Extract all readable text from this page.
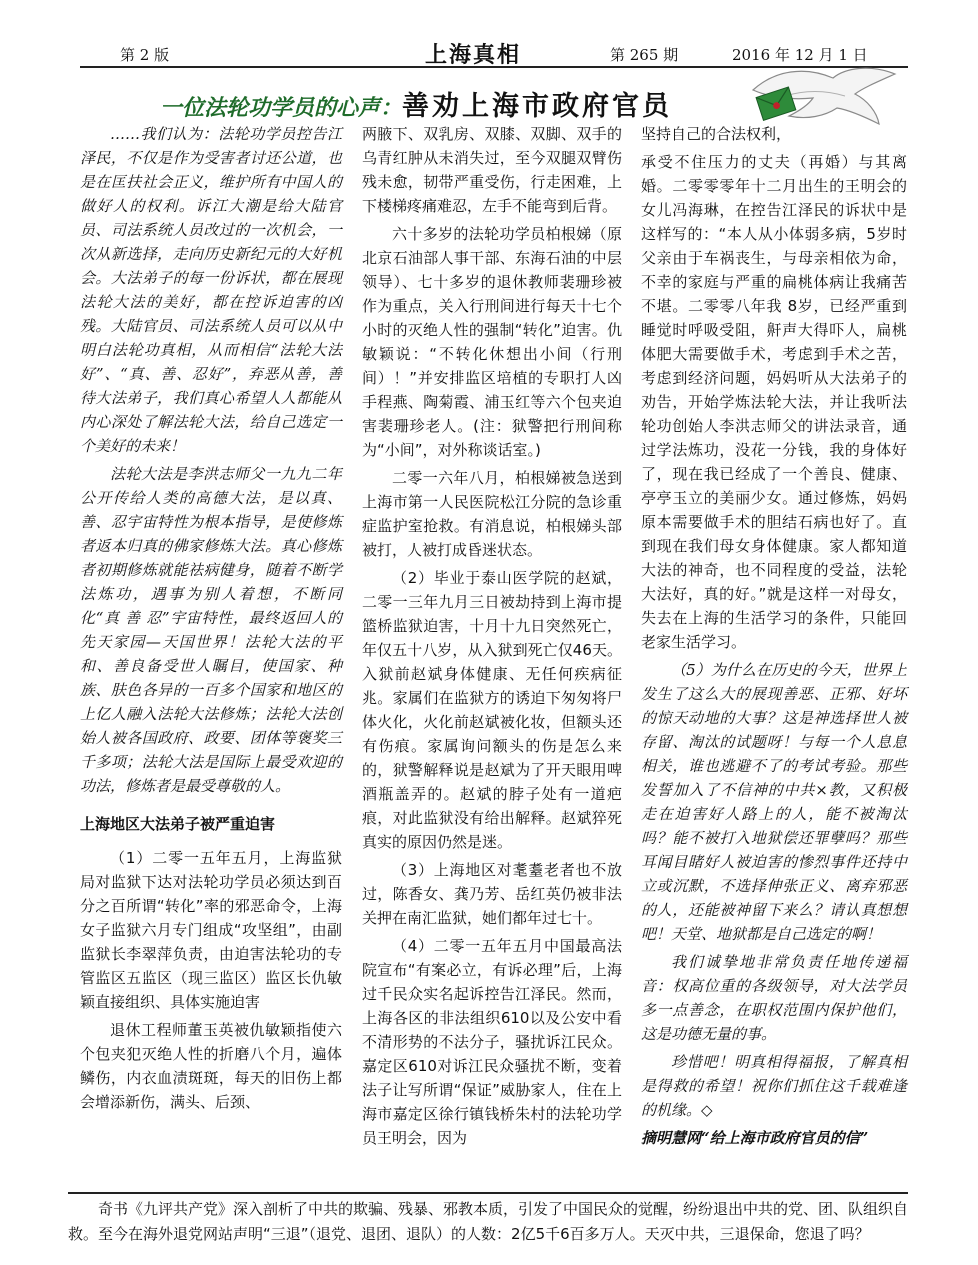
第 2 版	上海真相	第 265 期	2016 年 12 月 1 日
一位法轮功学员的心声：善劝上海市政府官员

……我们认为：法轮功学员控告江泽民，不仅是作为受害者讨还公道，也是在匡扶社会正义，维护所有中国人的做好人的权利。诉江大潮是给大陆官员、司法系统人员改过的一次机会，一次从新选择，走向历史新纪元的大好机会。大法弟子的每一份诉状，都在展现法轮大法的美好，都在控诉迫害的凶残。大陆官员、司法系统人员可以从中明白法轮功真相，从而相信“法轮大法好”、“真、善、忍好”，弃恶从善，善待大法弟子，我们真心希望人人都能从内心深处了解法轮大法，给自己选定一个美好的未来！

法轮大法是李洪志师父一九九二年公开传给人类的高德大法，是以真、善、忍宇宙特性为根本指导，是使修炼者返本归真的佛家修炼大法。真心修炼者初期修炼就能祛病健身，随着不断学法炼功，遇事为别人着想，不断同化“真 善 忍”宇宙特性，最终返回人的先天家园—天国世界！法轮大法的平和、善良备受世人瞩目，使国家、种族、肤色各异的一百多个国家和地区的上亿人融入法轮大法修炼；法轮大法创始人被各国政府、政要、团体等褒奖三千多项；法轮大法是国际上最受欢迎的功法，修炼者是最受尊敬的人。

上海地区大法弟子被严重迫害

（1）二零一五年五月，上海监狱局对监狱下达对法轮功学员必须达到百分之百所谓“转化”率的邪恶命令，上海女子监狱六月专门组成“攻坚组”，由副监狱长李翠萍负责，由迫害法轮功的专管监区五监区（现三监区）监区长仇敏颖直接组织、具体实施迫害

退休工程师董玉英被仇敏颖指使六个包夹犯灭绝人性的折磨八个月，遍体鳞伤，内衣血渍斑斑，每天的旧伤上都会增添新伤，满头、后颈、

两腋下、双乳房、双膝、双脚、双手的乌青红肿从未消失过，至今双腿双臂伤残未愈，韧带严重受伤，行走困难，上下楼梯疼痛难忍，左手不能弯到后背。

六十多岁的法轮功学员柏根娣（原北京石油部人事干部、东海石油的中层领导）、七十多岁的退休教师裴珊珍被作为重点，关入行刑间进行每天十七个小时的灭绝人性的强制“转化”迫害。仇敏颖说：“不转化休想出小间（行刑间）！”并安排监区培植的专职打人凶手程燕、陶菊霞、浦玉红等六个包夹迫害裴珊珍老人。(注：狱警把行刑间称为“小间”，对外称谈话室。)

二零一六年八月，柏根娣被急送到上海市第一人民医院松江分院的急诊重症监护室抢救。有消息说，柏根娣头部被打，人被打成昏迷状态。

（2）毕业于泰山医学院的赵斌，二零一三年九月三日被劫持到上海市提篮桥监狱迫害，十月十九日突然死亡，年仅五十八岁，从入狱到死亡仅46天。入狱前赵斌身体健康、无任何疾病征兆。家属们在监狱方的诱迫下匆匆将尸体火化，火化前赵斌被化妆，但额头还有伤痕。家属询问额头的伤是怎么来的，狱警解释说是赵斌为了开天眼用啤酒瓶盖弄的。赵斌的脖子处有一道疤痕，对此监狱没有给出解释。赵斌猝死真实的原因仍然是迷。

（3）上海地区对耄耋老者也不放过，陈香女、龚乃芳、岳红英仍被非法关押在南汇监狱，她们都年过七十。

（4）二零一五年五月中国最高法院宣布“有案必立，有诉必理”后，上海过千民众实名起诉控告江泽民。然而，上海各区的非法组织610以及公安中看不清形势的不法分子，骚扰诉江民众。嘉定区610对诉江民众骚扰不断，变着法子让写所谓“保证”威胁家人，住在上海市嘉定区徐行镇钱桥朱村的法轮功学员王明会，因为

坚持自己的合法权利，

承受不住压力的丈夫（再婚）与其离婚。二零零零年十二月出生的王明会的女儿冯海琳，在控告江泽民的诉状中是这样写的：“本人从小体弱多病，5岁时父亲由于车祸丧生，与母亲相依为命，不幸的家庭与严重的扁桃体病让我痛苦不堪。二零零八年我 8岁，已经严重到睡觉时呼吸受阻，鼾声大得吓人，扁桃体肥大需要做手术，考虑到手术之苦，考虑到经济问题，妈妈听从大法弟子的劝告，开始学炼法轮大法，并让我听法轮功创始人李洪志师父的讲法录音，通过学法炼功，没花一分钱，我的身体好了，现在我已经成了一个善良、健康、亭亭玉立的美丽少女。通过修炼，妈妈原本需要做手术的胆结石病也好了。直到现在我们母女身体健康。家人都知道大法的神奇，也不同程度的受益，法轮大法好，真的好。”就是这样一对母女，失去在上海的生活学习的条件，只能回老家生活学习。

（5）为什么在历史的今天，世界上发生了这么大的展现善恶、正邪、好坏的惊天动地的大事？这是神选择世人被存留、淘汰的试题呀！与每一个人息息相关，谁也逃避不了的考试考验。那些发誓加入了不信神的中共×教，又积极走在迫害好人路上的人，能不被淘汰吗？能不被打入地狱偿还罪孽吗？那些耳闻目睹好人被迫害的惨烈事件还持中立或沉默，不选择伸张正义、离弃邪恶的人，还能被神留下来么？请认真想想吧！天堂、地狱都是自己选定的啊！

我们诚挚地非常负责任地传递福音：权高位重的各级领导，对大法学员多一点善念，在职权范围内保护他们，这是功德无量的事。

珍惜吧！明真相得福报，了解真相是得救的希望！祝你们抓住这千载难逢的机缘。◇

摘明慧网“给上海市政府官员的信”

奇书《九评共产党》深入剖析了中共的欺骗、残暴、邪教本质，引发了中国民众的觉醒，纷纷退出中共的党、团、队组织自救。至今在海外退党网站声明“三退”（退党、退团、退队）的人数：2亿5千6百多万人。天灭中共，三退保命，您退了吗？
